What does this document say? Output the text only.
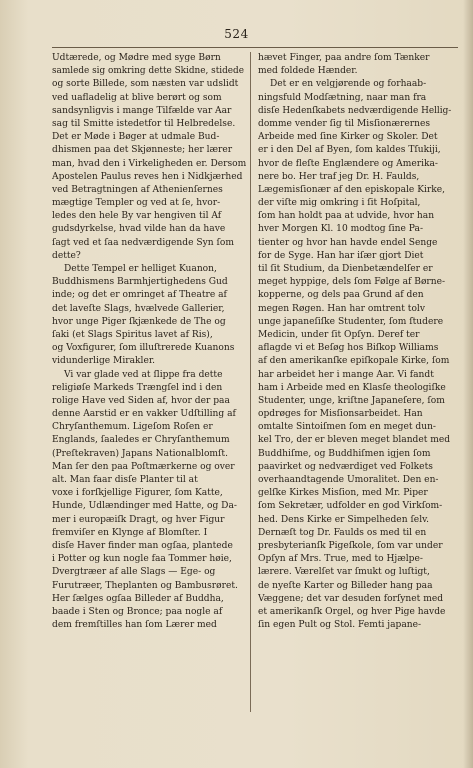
524
Udtærede, og Mødre med syge Børn
samlede sig omkring dette Skidne, stidede
og sorte Billede, som næsten var udslidt
ved uafladelig at blive berørt og som
sandsynligvis i mange Tilfælde var Aar
sag til Smitte istedetfor til Helbredelse.
Det er Møde i Bøger at udmale Bud-
dhismen paa det Skjønneste; her lærer
man, hvad den i Virkeligheden er. Dersom
Apostelen Paulus reves hen i Nidkjærhed
ved Betragtningen af Athenienſernes
mægtige Templer og ved at ſe, hvor-
ledes den hele By var hengiven til Af
gudsdyrkelse, hvad vilde han da have
ſagt ved et ſaa nedværdigende Syn ſom
dette?
Dette Tempel er helliget Kuanon,
Buddhismens Barmhjertighedens Gud
inde; og det er omringet af Theatre af
det laveſte Slags, hvælvede Gallerier,
hvor unge Piger ſkjænkede de The og
ſaki (et Slags Spiritus lavet af Ris),
og Voxfigurer, ſom illuſtrerede Kuanons
vidunderlige Mirakler.
Vi var glade ved at ſlippe fra dette
religiøſe Markeds Trængſel ind i den
rolige Have ved Siden af, hvor der paa
denne Aarstid er en vakker Udſtilling af
Chryſanthemum. Ligeſom Roſen er
Englands, ſaaledes er Chryſanthemum
(Preſtekraven) Japans Nationalblomſt.
Man ſer den paa Poſtmærkerne og over
alt. Man faar disſe Planter til at
voxe i forſkjellige Figurer, ſom Katte,
Hunde, Udlændinger med Hatte, og Da-
mer i europæiſk Dragt, og hver Figur
fremviſer en Klynge af Blomſter. I
disſe Haver finder man ogſaa, plantede
i Potter og kun nogle faa Tommer høie,
Dvergtræer af alle Slags — Ege- og
Furutræer, Theplanten og Bambusrøret.
Her ſælges ogſaa Billeder af Buddha,
baade i Sten og Bronce; paa nogle af
dem fremſtilles han ſom Lærer med
hævet Finger, paa andre ſom Tænker
med foldede Hænder.
Det er en velgjørende og forhaab-
ningsfuld Modſætning, naar man fra
disſe Hedenſkabets nedværdigende Hellig-
domme vender ſig til Misſionærernes
Arbeide med ſine Kirker og Skoler. Det
er i den Del af Byen, ſom kaldes Tſukiji,
hvor de fleſte Englændere og Amerika-
nere bo. Her traf jeg Dr. H. Faulds,
Lægemisſionær af den episkopale Kirke,
der viſte mig omkring i ſit Hoſpital,
ſom han holdt paa at udvide, hvor han
hver Morgen Kl. 10 modtog ſine Pa-
tienter og hvor han havde endel Senge
for de Syge. Han har iſær gjort Diet
til ſit Studium, da Dienbetændelſer er
meget hyppige, dels ſom Følge af Børne-
kopperne, og dels paa Grund af den
megen Røgen. Han har omtrent tolv
unge japaneſiſke Studenter, ſom ſtudere
Medicin, under ſit Opſyn. Deref ter
aflagde vi et Beſøg hos Biſkop Williams
af den amerikanſke epiſkopale Kirke, ſom
har arbeidet her i mange Aar. Vi fandt
ham i Arbeide med en Klasſe theologiſke
Studenter, unge, kriſtne Japaneſere, ſom
opdrøges for Misſionsarbeidet. Han
omtalte Sintoiſmen ſom en meget dun-
kel Tro, der er bleven meget blandet med
Buddhiſme, og Buddhiſmen igjen ſom
paavirket og nedværdiget ved Folkets
overhaandtagende Umoralitet. Den en-
gelſke Kirkes Misſion, med Mr. Piper
ſom Sekretær, udfolder en god Virkſom-
hed. Dens Kirke er Simpelheden ſelv.
Dernæſt tog Dr. Faulds os med til en
presbyterianſk Pigeſkole, ſom var under
Opſyn af Mrs. True, med to Hjælpe-
lærere. Værelſet var ſmukt og luſtigt,
de nyeſte Karter og Billeder hang paa
Væggene; det var desuden forſynet med
et amerikanſk Orgel, og hver Pige havde
ſin egen Pult og Stol. Femti japane-
